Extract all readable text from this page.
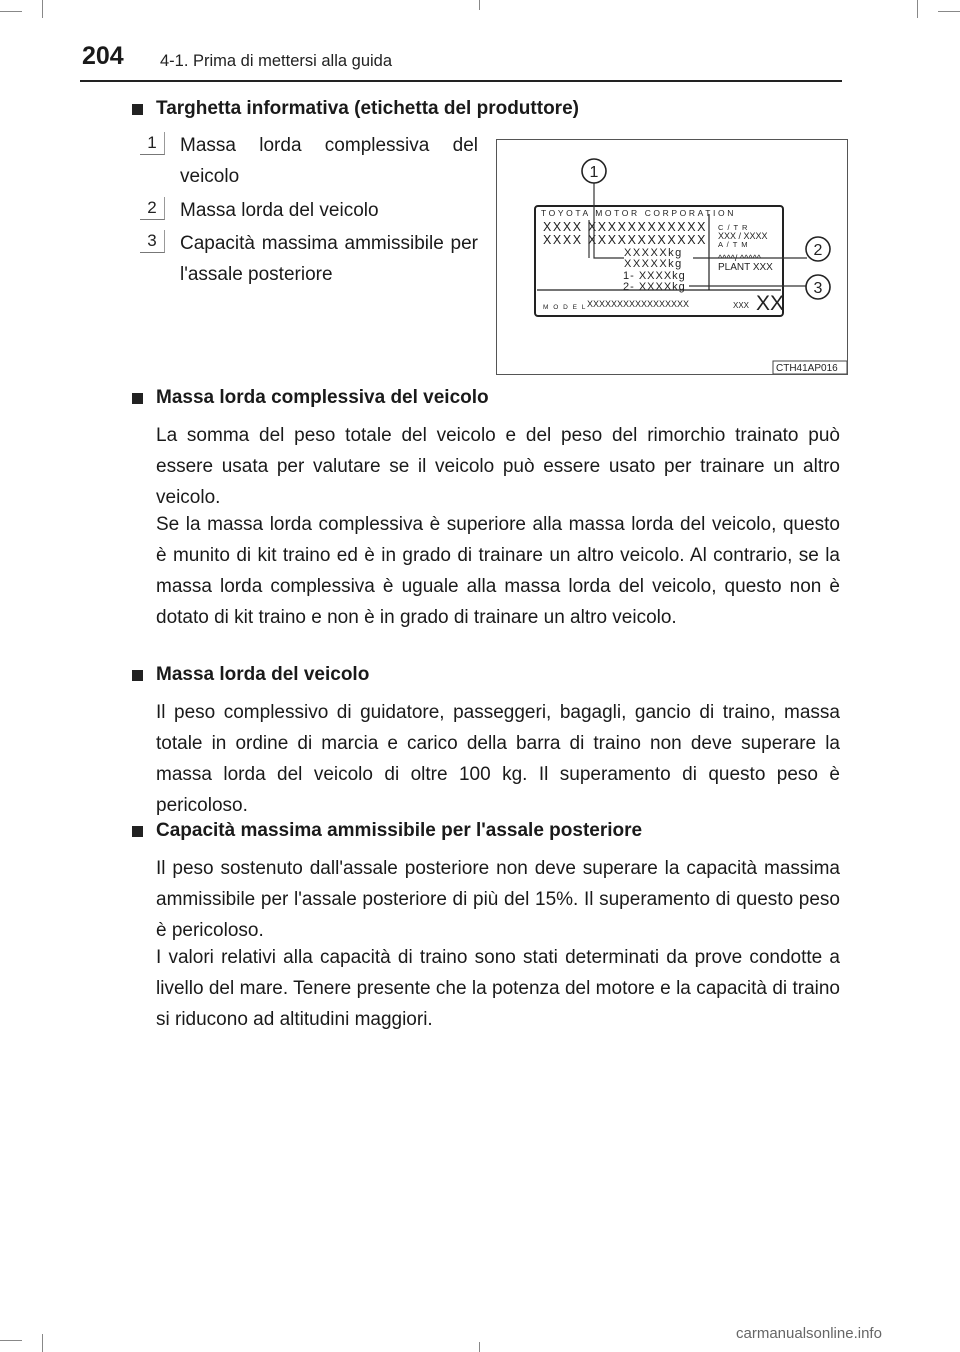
204 4-1. Prima di mettersi alla guida
Targhetta informativa (etichetta del produttore)
1	Massa lorda complessiva del veicolo
2	Massa lorda del veicolo
3	Capacità massima ammissibile per l'assale posteriore
TOYOTA MOTOR CORPORATION
XXXX XXXXXXXXXXXX
XXXX XXXXXXXXXXXX
XXXXXkg
XXXXXkg
1- XXXXkg
2- XXXXkg
C / T R
XXX / XXXX
A / T M
^^^^/ ^^^^^
PLANT XXX
M O D E L XXXXXXXXXXXXXXXXX	XXX XX
1
2
3
CTH41AP016
Massa lorda complessiva del veicolo
La somma del peso totale del veicolo e del peso del rimorchio trainato può essere usata per valutare se il veicolo può essere usato per trainare un altro veicolo.
Se la massa lorda complessiva è superiore alla massa lorda del veicolo, questo è munito di kit traino ed è in grado di trainare un altro veicolo. Al contrario, se la massa lorda complessiva è uguale alla massa lorda del veicolo, questo non è dotato di kit traino e non è in grado di trainare un altro veicolo.
Massa lorda del veicolo
Il peso complessivo di guidatore, passeggeri, bagagli, gancio di traino, massa totale in ordine di marcia e carico della barra di traino non deve superare la massa lorda del veicolo di oltre 100 kg. Il superamento di questo peso è pericoloso.
Capacità massima ammissibile per l'assale posteriore
Il peso sostenuto dall'assale posteriore non deve superare la capacità massima ammissibile per l'assale posteriore di più del 15%. Il superamento di questo peso è pericoloso.
I valori relativi alla capacità di traino sono stati determinati da prove condotte a livello del mare. Tenere presente che la potenza del motore e la capacità di traino si riducono ad altitudini maggiori.
carmanualsonline.info
